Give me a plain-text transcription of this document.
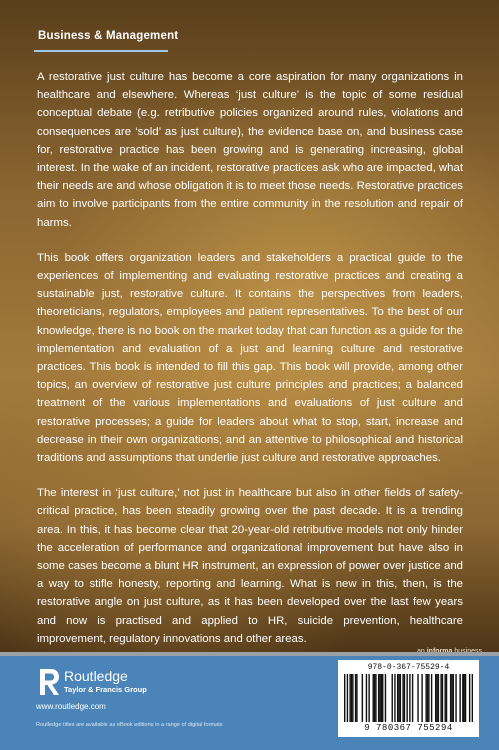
Business & Management

A restorative just culture has become a core aspiration for many organizations in healthcare and elsewhere. Whereas ‘just culture’ is the topic of some residual conceptual debate (e.g. retributive policies organized around rules, violations and consequences are ‘sold’ as just culture), the evidence base on, and business case for, restorative practice has been growing and is generating increasing, global interest. In the wake of an incident, restorative practices ask who are impacted, what their needs are and whose obligation it is to meet those needs. Restorative practices aim to involve participants from the entire community in the resolution and repair of harms.

This book offers organization leaders and stakeholders a practical guide to the experiences of implementing and evaluating restorative practices and creating a sustainable just, restorative culture. It contains the perspectives from leaders, theoreticians, regulators, employees and patient representatives. To the best of our knowledge, there is no book on the market today that can function as a guide for the implementation and evaluation of a just and learning culture and restorative practices. This book is intended to fill this gap. This book will provide, among other topics, an overview of restorative just culture principles and practices; a balanced treatment of the various implementations and evaluations of just culture and restorative processes; a guide for leaders about what to stop, start, increase and decrease in their own organizations; and an attentive to philosophical and historical traditions and assumptions that underlie just culture and restorative approaches.

The interest in ‘just culture,’ not just in healthcare but also in other fields of safety-critical practice, has been steadily growing over the past decade. It is a trending area. In this, it has become clear that 20-year-old retributive models not only hinder the acceleration of performance and organizational improvement but have also in some cases become a blunt HR instrument, an expression of power over justice and a way to stifle honesty, reporting and learning. What is new in this, then, is the restorative angle on just culture, as it has been developed over the last few years and now is practised and applied to HR, suicide prevention, healthcare improvement, regulatory innovations and other areas.

Routledge
Taylor & Francis Group
www.routledge.com
Routledge titles are available as eBook editions in a range of digital formats
978-0-367-75529-4
9 780367 755294
